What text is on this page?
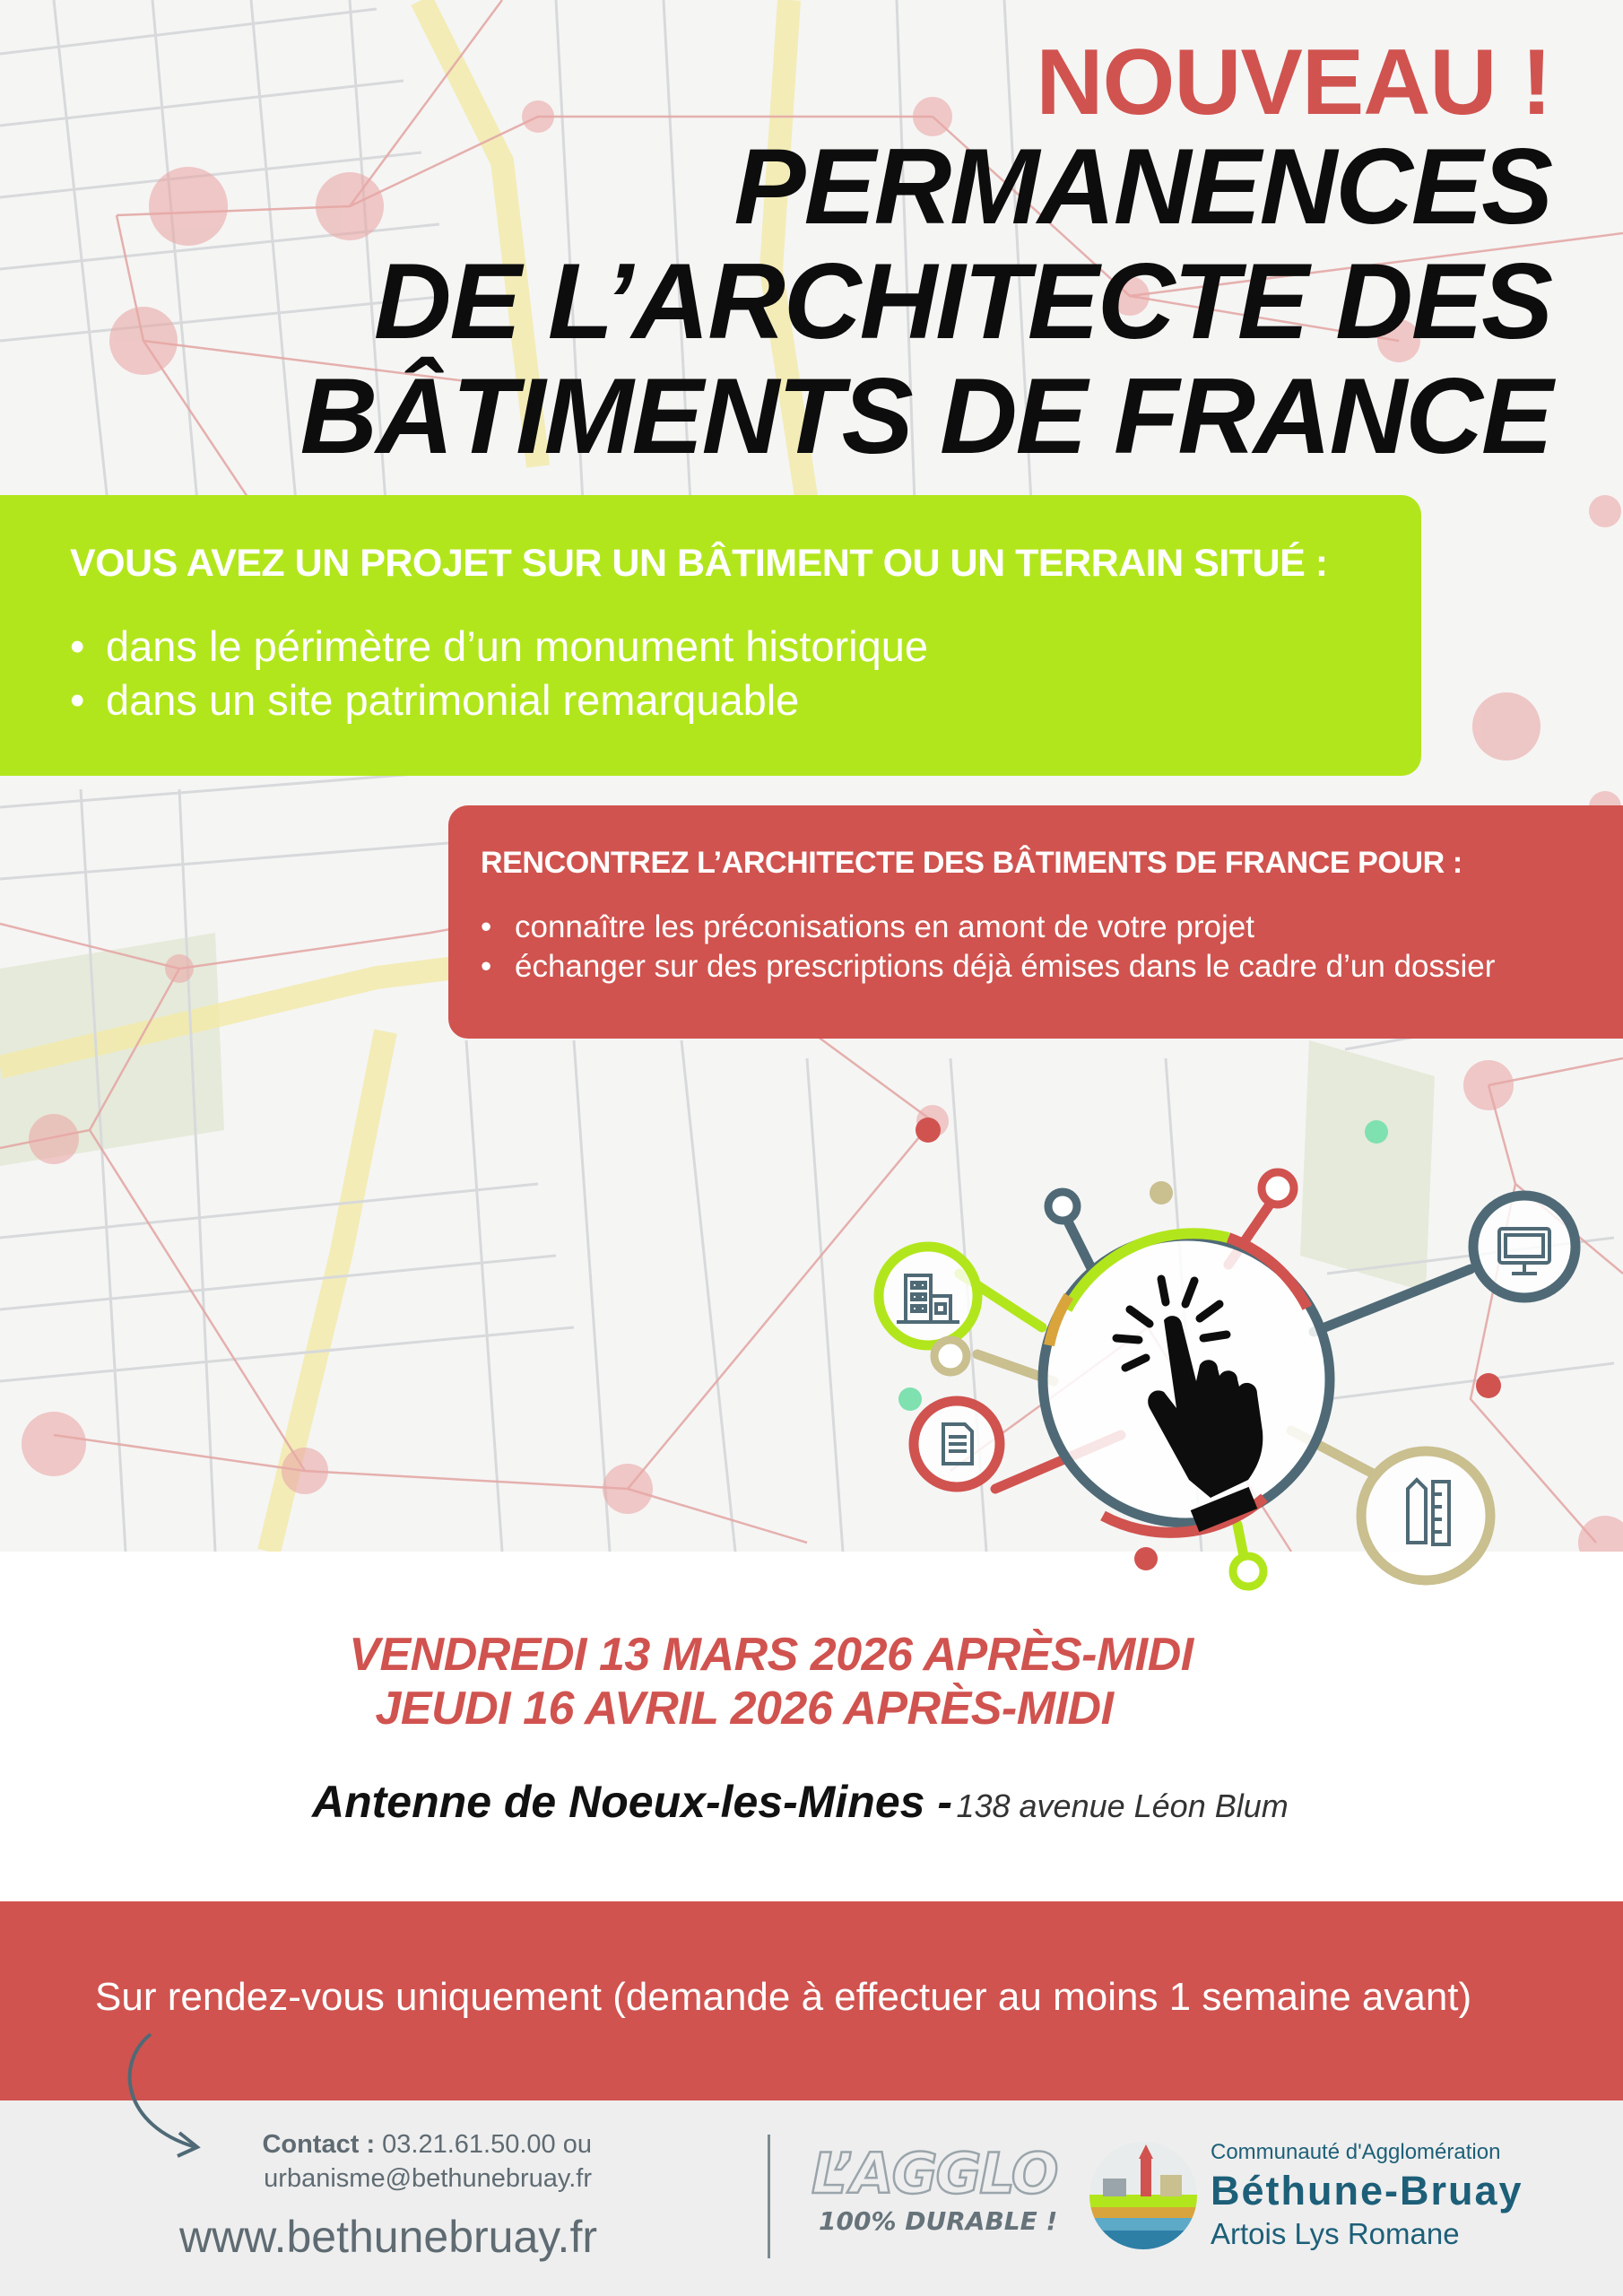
NOUVEAU !
PERMANENCES
DE L’ARCHITECTE DES
BÂTIMENTS DE FRANCE
VOUS AVEZ UN PROJET SUR UN BÂTIMENT OU UN TERRAIN SITUÉ :
• dans le périmètre d’un monument historique
• dans un site patrimonial remarquable
RENCONTREZ L’ARCHITECTE DES BÂTIMENTS DE FRANCE POUR :
• connaître les préconisations en amont de votre projet
• échanger sur des prescriptions déjà émises dans le cadre d’un dossier
VENDREDI 13 MARS 2026 APRÈS-MIDI
JEUDI 16 AVRIL 2026 APRÈS-MIDI
Antenne de Noeux-les-Mines - 138 avenue Léon Blum
Sur rendez-vous uniquement (demande à effectuer au moins 1 semaine avant)
Contact : 03.21.61.50.00 ou
urbanisme@bethunebruay.fr
www.bethunebruay.fr
L’AGGLO
100% DURABLE !
Communauté d'Agglomération
Béthune-Bruay
Artois Lys Romane
